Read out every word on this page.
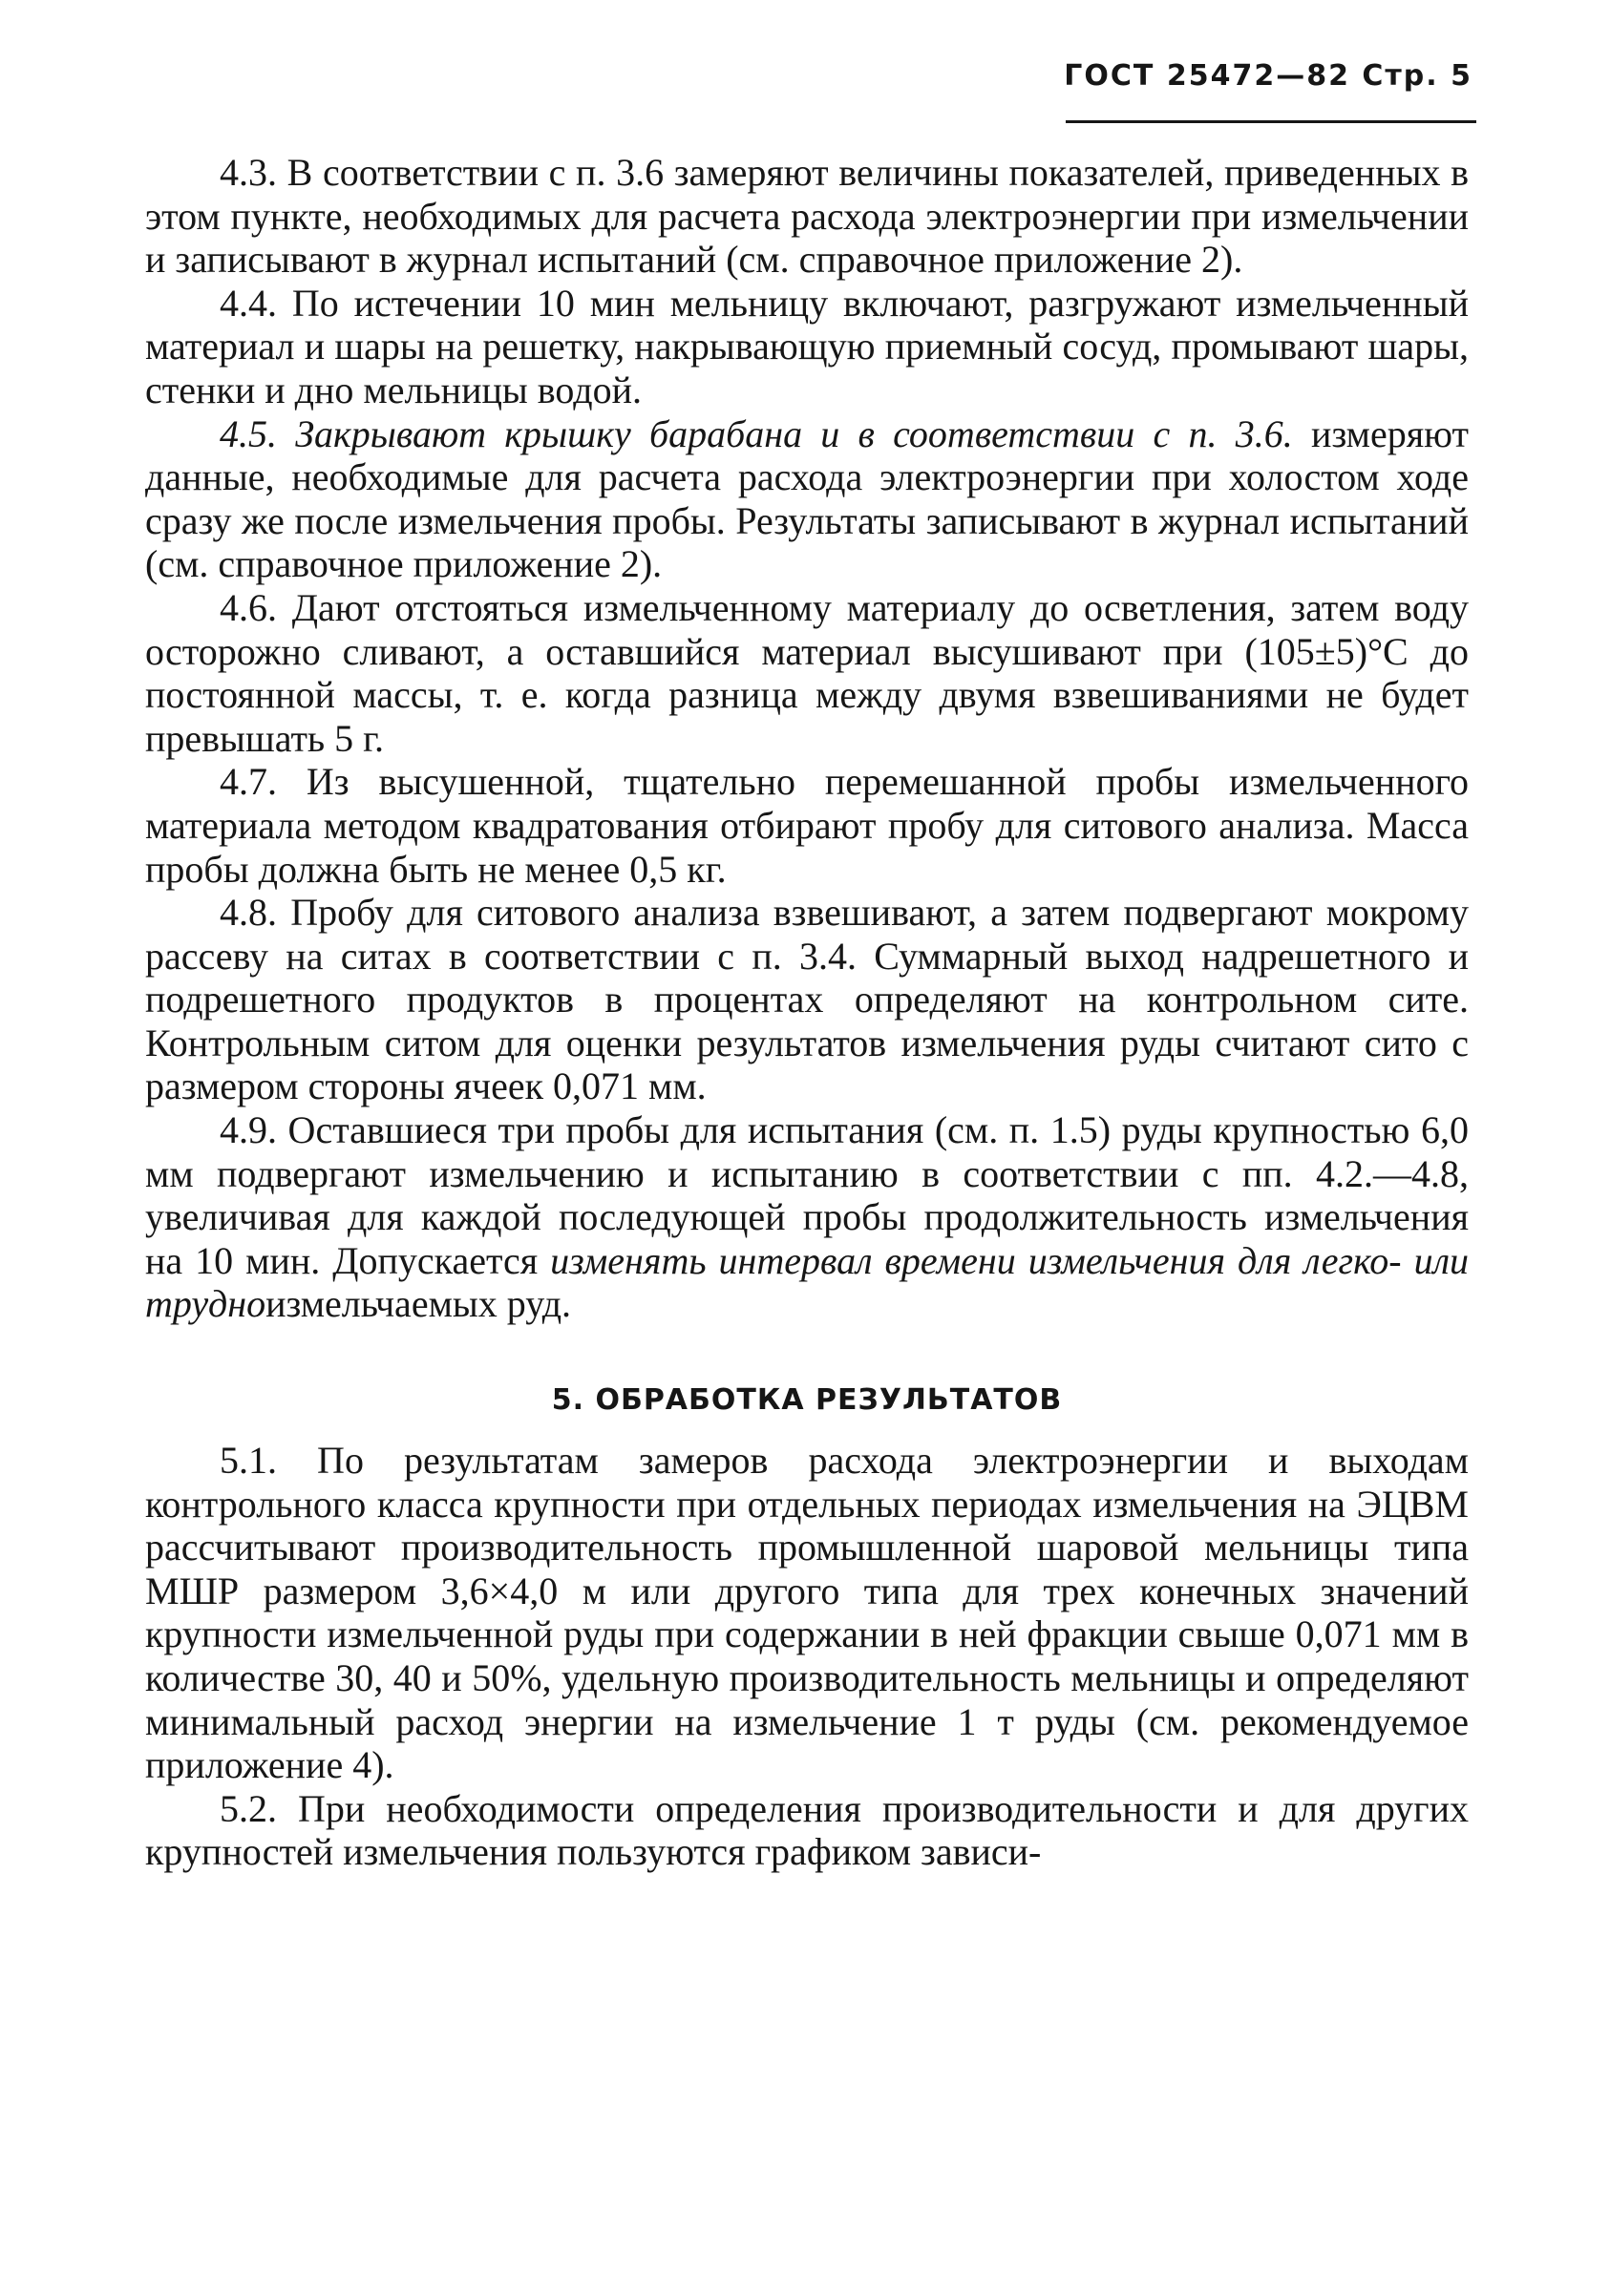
ГОСТ 25472—82 Стр. 5

4.3. В соответствии с п. 3.6 замеряют величины показателей, приведенных в этом пункте, необходимых для расчета расхода электроэнергии при измельчении и записывают в журнал испытаний (см. справочное приложение 2).

4.4. По истечении 10 мин мельницу включают, разгружают измельченный материал и шары на решетку, накрывающую приемный сосуд, промывают шары, стенки и дно мельницы водой.

4.5. Закрывают крышку барабана и в соответствии с п. 3.6. измеряют данные, необходимые для расчета расхода электроэнергии при холостом ходе сразу же после измельчения пробы. Результаты записывают в журнал испытаний (см. справочное приложение 2).

4.6. Дают отстояться измельченному материалу до осветления, затем воду осторожно сливают, а оставшийся материал высушивают при (105±5)°С до постоянной массы, т. е. когда разница между двумя взвешиваниями не будет превышать 5 г.

4.7. Из высушенной, тщательно перемешанной пробы измельченного материала методом квадратования отбирают пробу для ситового анализа. Масса пробы должна быть не менее 0,5 кг.

4.8. Пробу для ситового анализа взвешивают, а затем подвергают мокрому рассеву на ситах в соответствии с п. 3.4. Суммарный выход надрешетного и подрешетного продуктов в процентах определяют на контрольном сите. Контрольным ситом для оценки результатов измельчения руды считают сито с размером стороны ячеек 0,071 мм.

4.9. Оставшиеся три пробы для испытания (см. п. 1.5) руды крупностью 6,0 мм подвергают измельчению и испытанию в соответствии с пп. 4.2.—4.8, увеличивая для каждой последующей пробы продолжительность измельчения на 10 мин. Допускается изменять интервал времени измельчения для легко- или трудноизмельчаемых руд.

5. ОБРАБОТКА РЕЗУЛЬТАТОВ

5.1. По результатам замеров расхода электроэнергии и выходам контрольного класса крупности при отдельных периодах измельчения на ЭЦВМ рассчитывают производительность промышленной шаровой мельницы типа МШР размером 3,6×4,0 м или другого типа для трех конечных значений крупности измельченной руды при содержании в ней фракции свыше 0,071 мм в количестве 30, 40 и 50%, удельную производительность мельницы и определяют минимальный расход энергии на измельчение 1 т руды (см. рекомендуемое приложение 4).

5.2. При необходимости определения производительности и для других крупностей измельчения пользуются графиком зависи-
